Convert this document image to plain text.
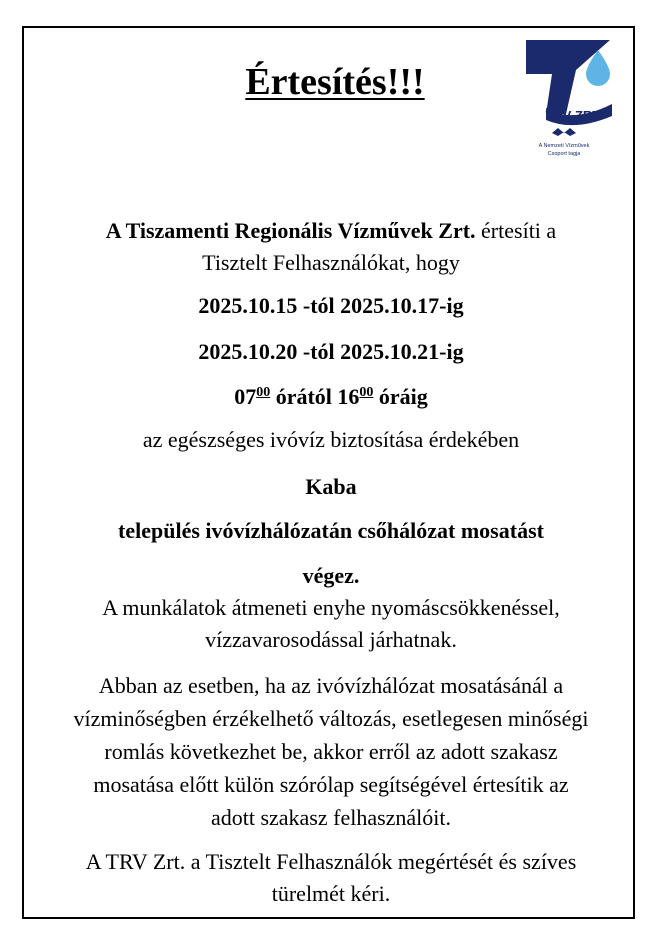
Értesítés!!!
TRV ZRT.
A Nemzeti Vízművek
Csoport tagja
A Tiszamenti Regionális Vízművek Zrt. értesíti a
Tisztelt Felhasználókat, hogy
2025.10.15 -tól 2025.10.17-ig
2025.10.20 -tól 2025.10.21-ig
$07^{00}$ órától $16^{00}$ óráig
az egészséges ivóvíz biztosítása érdekében
Kaba
település ivóvízhálózatán csőhálózat mosatást
végez.
A munkálatok átmeneti enyhe nyomáscsökkenéssel,
vízzavarosodással járhatnak.
Abban az esetben, ha az ivóvízhálózat mosatásánál a
vízminőségben érzékelhető változás, esetlegesen minőségi
romlás következhet be, akkor erről az adott szakasz
mosatása előtt külön szórólap segítségével értesítik az
adott szakasz felhasználóit.
A TRV Zrt. a Tisztelt Felhasználók megértését és szíves
türelmét kéri.
